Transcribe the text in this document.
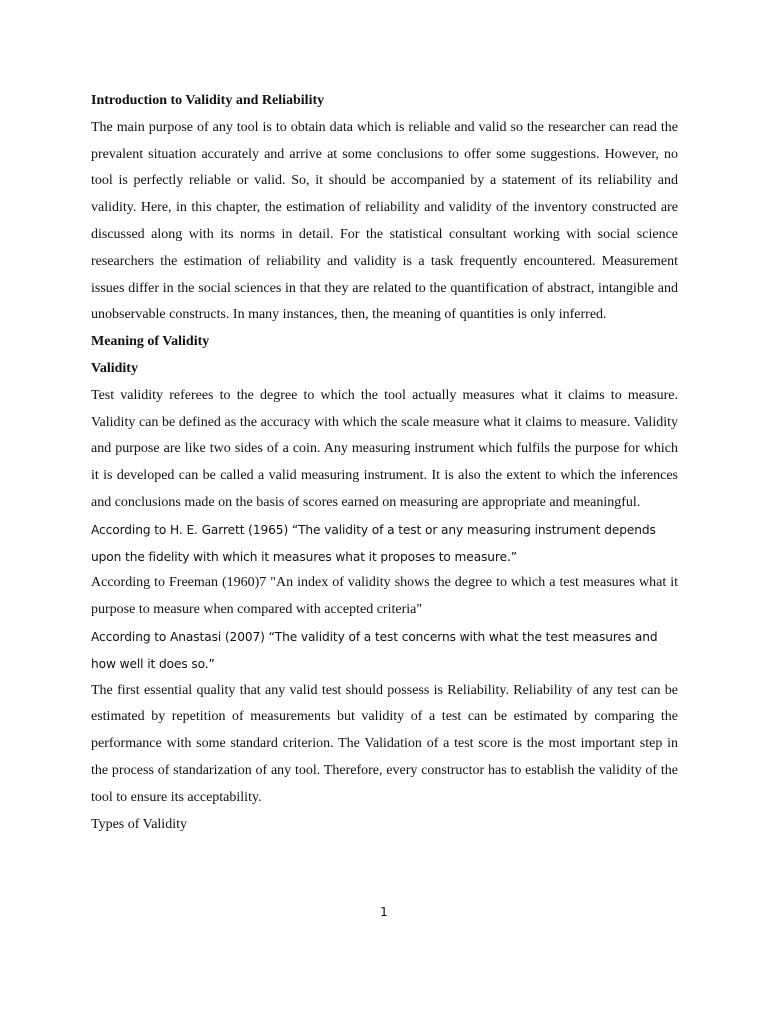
Introduction to Validity and Reliability

The main purpose of any tool is to obtain data which is reliable and valid so the researcher can read the prevalent situation accurately and arrive at some conclusions to offer some suggestions. However, no tool is perfectly reliable or valid. So, it should be accompanied by a statement of its reliability and validity. Here, in this chapter, the estimation of reliability and validity of the inventory constructed are discussed along with its norms in detail. For the statistical consultant working with social science researchers the estimation of reliability and validity is a task frequently encountered. Measurement issues differ in the social sciences in that they are related to the quantification of abstract, intangible and unobservable constructs. In many instances, then, the meaning of quantities is only inferred.

Meaning of Validity

Validity

Test validity referees to the degree to which the tool actually measures what it claims to measure. Validity can be defined as the accuracy with which the scale measure what it claims to measure. Validity and purpose are like two sides of a coin. Any measuring instrument which fulfils the purpose for which it is developed can be called a valid measuring instrument. It is also the extent to which the inferences and conclusions made on the basis of scores earned on measuring are appropriate and meaningful.

According to H. E. Garrett (1965) “The validity of a test or any measuring instrument depends upon the fidelity with which it measures what it proposes to measure.”

According to Freeman (1960)7 "An index of validity shows the degree to which a test measures what it purpose to measure when compared with accepted criteria"

According to Anastasi (2007) “The validity of a test concerns with what the test measures and how well it does so.”

The first essential quality that any valid test should possess is Reliability. Reliability of any test can be estimated by repetition of measurements but validity of a test can be estimated by comparing the performance with some standard criterion. The Validation of a test score is the most important step in the process of standarization of any tool. Therefore, every constructor has to establish the validity of the tool to ensure its acceptability.

Types of Validity

1
